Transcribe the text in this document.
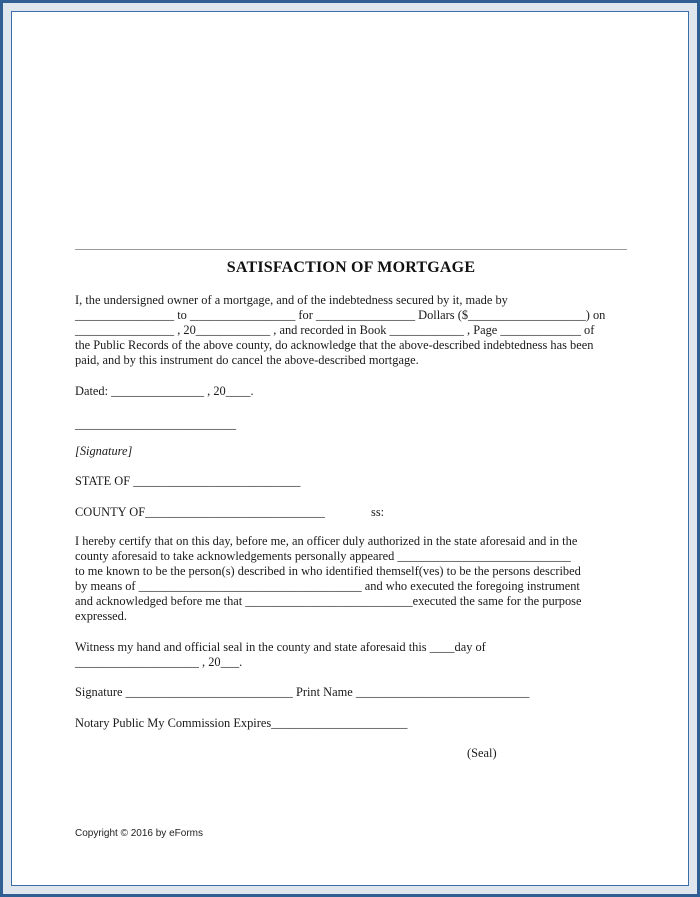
SATISFACTION OF MORTGAGE
I, the undersigned owner of a mortgage, and of the indebtedness secured by it, made by
________________ to _________________ for ________________ Dollars ($___________________) on
________________ , 20____________ , and recorded in Book ____________ , Page _____________ of
the Public Records of the above county, do acknowledge that the above-described indebtedness has been
paid, and by this instrument do cancel the above-described mortgage.
Dated: _______________ , 20____.
__________________________
[Signature]
STATE OF ___________________________
COUNTY OF_____________________________	ss:
I hereby certify that on this day, before me, an officer duly authorized in the state aforesaid and in the
county aforesaid to take acknowledgements personally appeared ____________________________
to me known to be the person(s) described in who identified themself(ves) to be the persons described
by means of ____________________________________ and who executed the foregoing instrument
and acknowledged before me that ___________________________executed the same for the purpose
expressed.
Witness my hand and official seal in the county and state aforesaid this ____day of
____________________ , 20___.
Signature ___________________________ Print Name ____________________________
Notary Public My Commission Expires______________________
(Seal)
Copyright © 2016 by eForms
